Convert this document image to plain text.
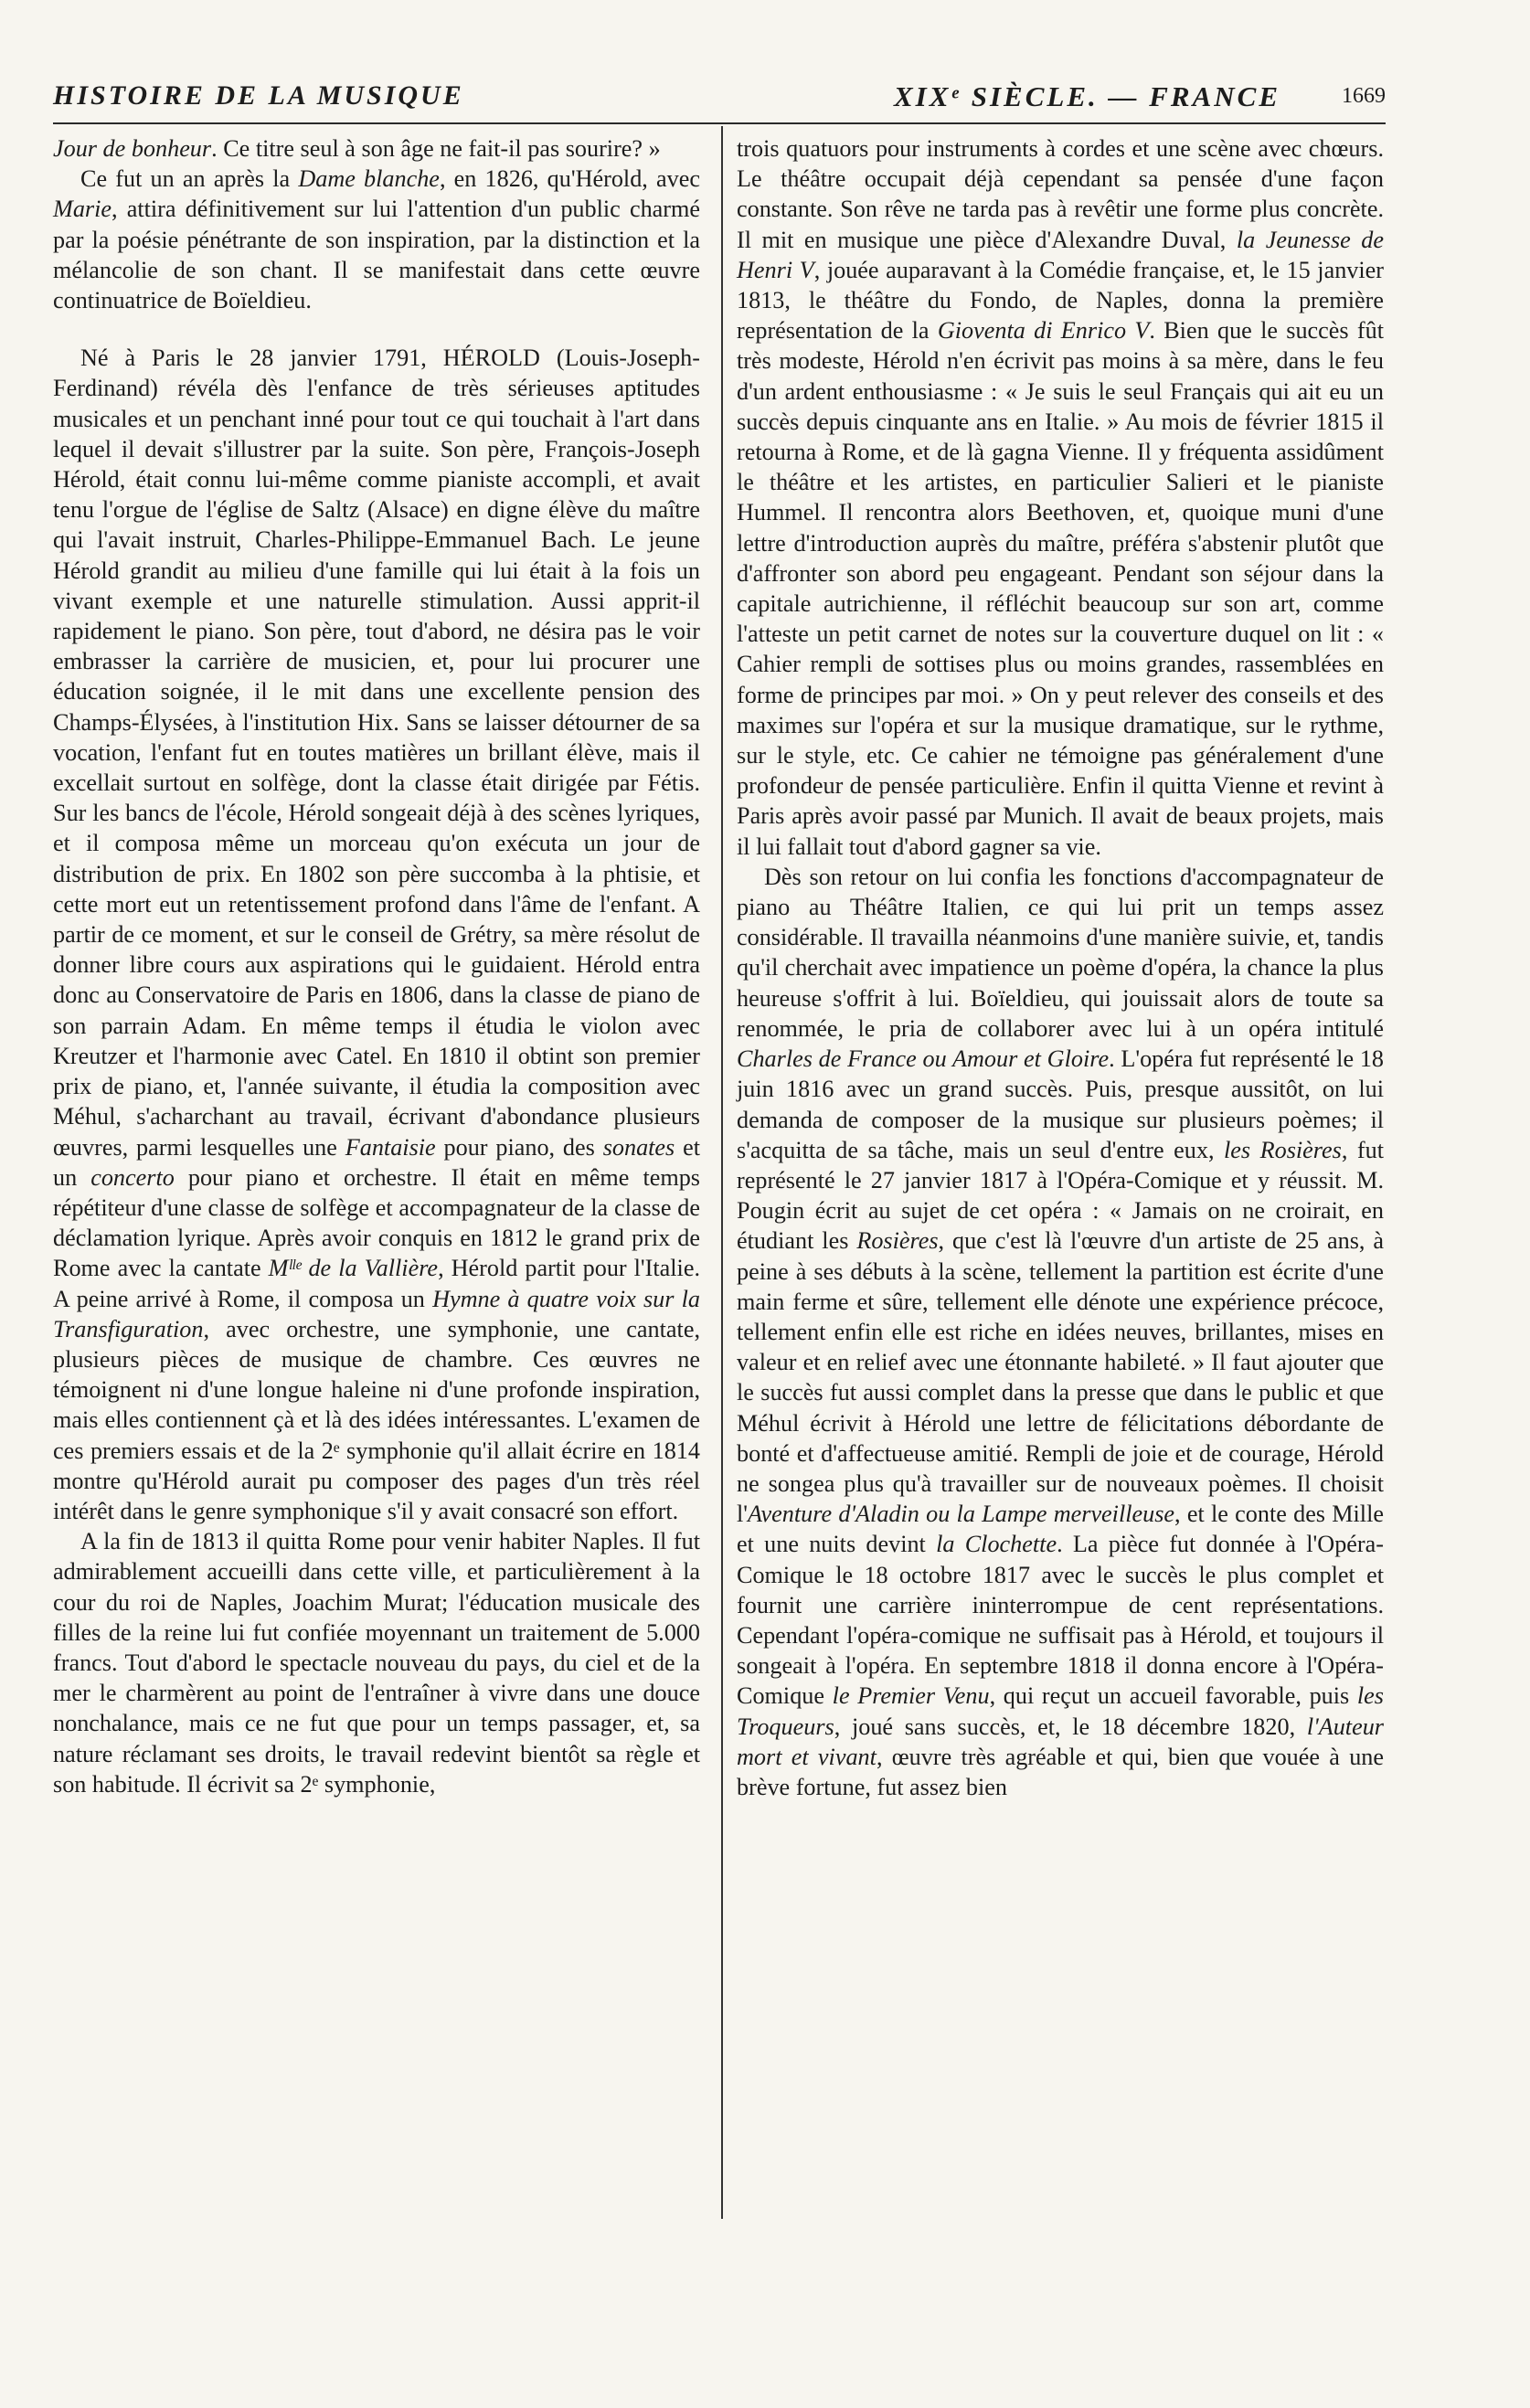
HISTOIRE DE LA MUSIQUE	XIXᵉ SIÈCLE. — FRANCE	1669

Jour de bonheur. Ce titre seul à son âge ne fait-il pas sourire? »

Ce fut un an après la Dame blanche, en 1826, qu'Hérold, avec Marie, attira définitivement sur lui l'attention d'un public charmé par la poésie pénétrante de son inspiration, par la distinction et la mélancolie de son chant. Il se manifestait dans cette œuvre continuatrice de Boïeldieu.

Né à Paris le 28 janvier 1791, HÉROLD (Louis-Joseph-Ferdinand) révéla dès l'enfance de très sérieuses aptitudes musicales et un penchant inné pour tout ce qui touchait à l'art dans lequel il devait s'illustrer par la suite. Son père, François-Joseph Hérold, était connu lui-même comme pianiste accompli, et avait tenu l'orgue de l'église de Saltz (Alsace) en digne élève du maître qui l'avait instruit, Charles-Philippe-Emmanuel Bach. Le jeune Hérold grandit au milieu d'une famille qui lui était à la fois un vivant exemple et une naturelle stimulation. Aussi apprit-il rapidement le piano. Son père, tout d'abord, ne désira pas le voir embrasser la carrière de musicien, et, pour lui procurer une éducation soignée, il le mit dans une excellente pension des Champs-Élysées, à l'institution Hix. Sans se laisser détourner de sa vocation, l'enfant fut en toutes matières un brillant élève, mais il excellait surtout en solfège, dont la classe était dirigée par Fétis. Sur les bancs de l'école, Hérold songeait déjà à des scènes lyriques, et il composa même un morceau qu'on exécuta un jour de distribution de prix. En 1802 son père succomba à la phtisie, et cette mort eut un retentissement profond dans l'âme de l'enfant. A partir de ce moment, et sur le conseil de Grétry, sa mère résolut de donner libre cours aux aspirations qui le guidaient. Hérold entra donc au Conservatoire de Paris en 1806, dans la classe de piano de son parrain Adam. En même temps il étudia le violon avec Kreutzer et l'harmonie avec Catel. En 1810 il obtint son premier prix de piano, et, l'année suivante, il étudia la composition avec Méhul, s'acharchant au travail, écrivant d'abondance plusieurs œuvres, parmi lesquelles une Fantaisie pour piano, des sonates et un concerto pour piano et orchestre. Il était en même temps répétiteur d'une classe de solfège et accompagnateur de la classe de déclamation lyrique. Après avoir conquis en 1812 le grand prix de Rome avec la cantate Mˡˡᵉ de la Vallière, Hérold partit pour l'Italie. A peine arrivé à Rome, il composa un Hymne à quatre voix sur la Transfiguration, avec orchestre, une symphonie, une cantate, plusieurs pièces de musique de chambre. Ces œuvres ne témoignent ni d'une longue haleine ni d'une profonde inspiration, mais elles contiennent çà et là des idées intéressantes. L'examen de ces premiers essais et de la 2ᵉ symphonie qu'il allait écrire en 1814 montre qu'Hérold aurait pu composer des pages d'un très réel intérêt dans le genre symphonique s'il y avait consacré son effort.

A la fin de 1813 il quitta Rome pour venir habiter Naples. Il fut admirablement accueilli dans cette ville, et particulièrement à la cour du roi de Naples, Joachim Murat; l'éducation musicale des filles de la reine lui fut confiée moyennant un traitement de 5.000 francs. Tout d'abord le spectacle nouveau du pays, du ciel et de la mer le charmèrent au point de l'entraîner à vivre dans une douce nonchalance, mais ce ne fut que pour un temps passager, et, sa nature réclamant ses droits, le travail redevint bientôt sa règle et son habitude. Il écrivit sa 2ᵉ symphonie,

trois quatuors pour instruments à cordes et une scène avec chœurs. Le théâtre occupait déjà cependant sa pensée d'une façon constante. Son rêve ne tarda pas à revêtir une forme plus concrète. Il mit en musique une pièce d'Alexandre Duval, la Jeunesse de Henri V, jouée auparavant à la Comédie française, et, le 15 janvier 1813, le théâtre du Fondo, de Naples, donna la première représentation de la Gioventa di Enrico V. Bien que le succès fût très modeste, Hérold n'en écrivit pas moins à sa mère, dans le feu d'un ardent enthousiasme : « Je suis le seul Français qui ait eu un succès depuis cinquante ans en Italie. » Au mois de février 1815 il retourna à Rome, et de là gagna Vienne. Il y fréquenta assidûment le théâtre et les artistes, en particulier Salieri et le pianiste Hummel. Il rencontra alors Beethoven, et, quoique muni d'une lettre d'introduction auprès du maître, préféra s'abstenir plutôt que d'affronter son abord peu engageant. Pendant son séjour dans la capitale autrichienne, il réfléchit beaucoup sur son art, comme l'atteste un petit carnet de notes sur la couverture duquel on lit : « Cahier rempli de sottises plus ou moins grandes, rassemblées en forme de principes par moi. » On y peut relever des conseils et des maximes sur l'opéra et sur la musique dramatique, sur le rythme, sur le style, etc. Ce cahier ne témoigne pas généralement d'une profondeur de pensée particulière. Enfin il quitta Vienne et revint à Paris après avoir passé par Munich. Il avait de beaux projets, mais il lui fallait tout d'abord gagner sa vie.

Dès son retour on lui confia les fonctions d'accompagnateur de piano au Théâtre Italien, ce qui lui prit un temps assez considérable. Il travailla néanmoins d'une manière suivie, et, tandis qu'il cherchait avec impatience un poème d'opéra, la chance la plus heureuse s'offrit à lui. Boïeldieu, qui jouissait alors de toute sa renommée, le pria de collaborer avec lui à un opéra intitulé Charles de France ou Amour et Gloire. L'opéra fut représenté le 18 juin 1816 avec un grand succès. Puis, presque aussitôt, on lui demanda de composer de la musique sur plusieurs poèmes; il s'acquitta de sa tâche, mais un seul d'entre eux, les Rosières, fut représenté le 27 janvier 1817 à l'Opéra-Comique et y réussit. M. Pougin écrit au sujet de cet opéra : « Jamais on ne croirait, en étudiant les Rosières, que c'est là l'œuvre d'un artiste de 25 ans, à peine à ses débuts à la scène, tellement la partition est écrite d'une main ferme et sûre, tellement elle dénote une expérience précoce, tellement enfin elle est riche en idées neuves, brillantes, mises en valeur et en relief avec une étonnante habileté. » Il faut ajouter que le succès fut aussi complet dans la presse que dans le public et que Méhul écrivit à Hérold une lettre de félicitations débordante de bonté et d'affectueuse amitié. Rempli de joie et de courage, Hérold ne songea plus qu'à travailler sur de nouveaux poèmes. Il choisit l'Aventure d'Aladin ou la Lampe merveilleuse, et le conte des Mille et une nuits devint la Clochette. La pièce fut donnée à l'Opéra-Comique le 18 octobre 1817 avec le succès le plus complet et fournit une carrière ininterrompue de cent représentations. Cependant l'opéra-comique ne suffisait pas à Hérold, et toujours il songeait à l'opéra. En septembre 1818 il donna encore à l'Opéra-Comique le Premier Venu, qui reçut un accueil favorable, puis les Troqueurs, joué sans succès, et, le 18 décembre 1820, l'Auteur mort et vivant, œuvre très agréable et qui, bien que vouée à une brève fortune, fut assez bien
